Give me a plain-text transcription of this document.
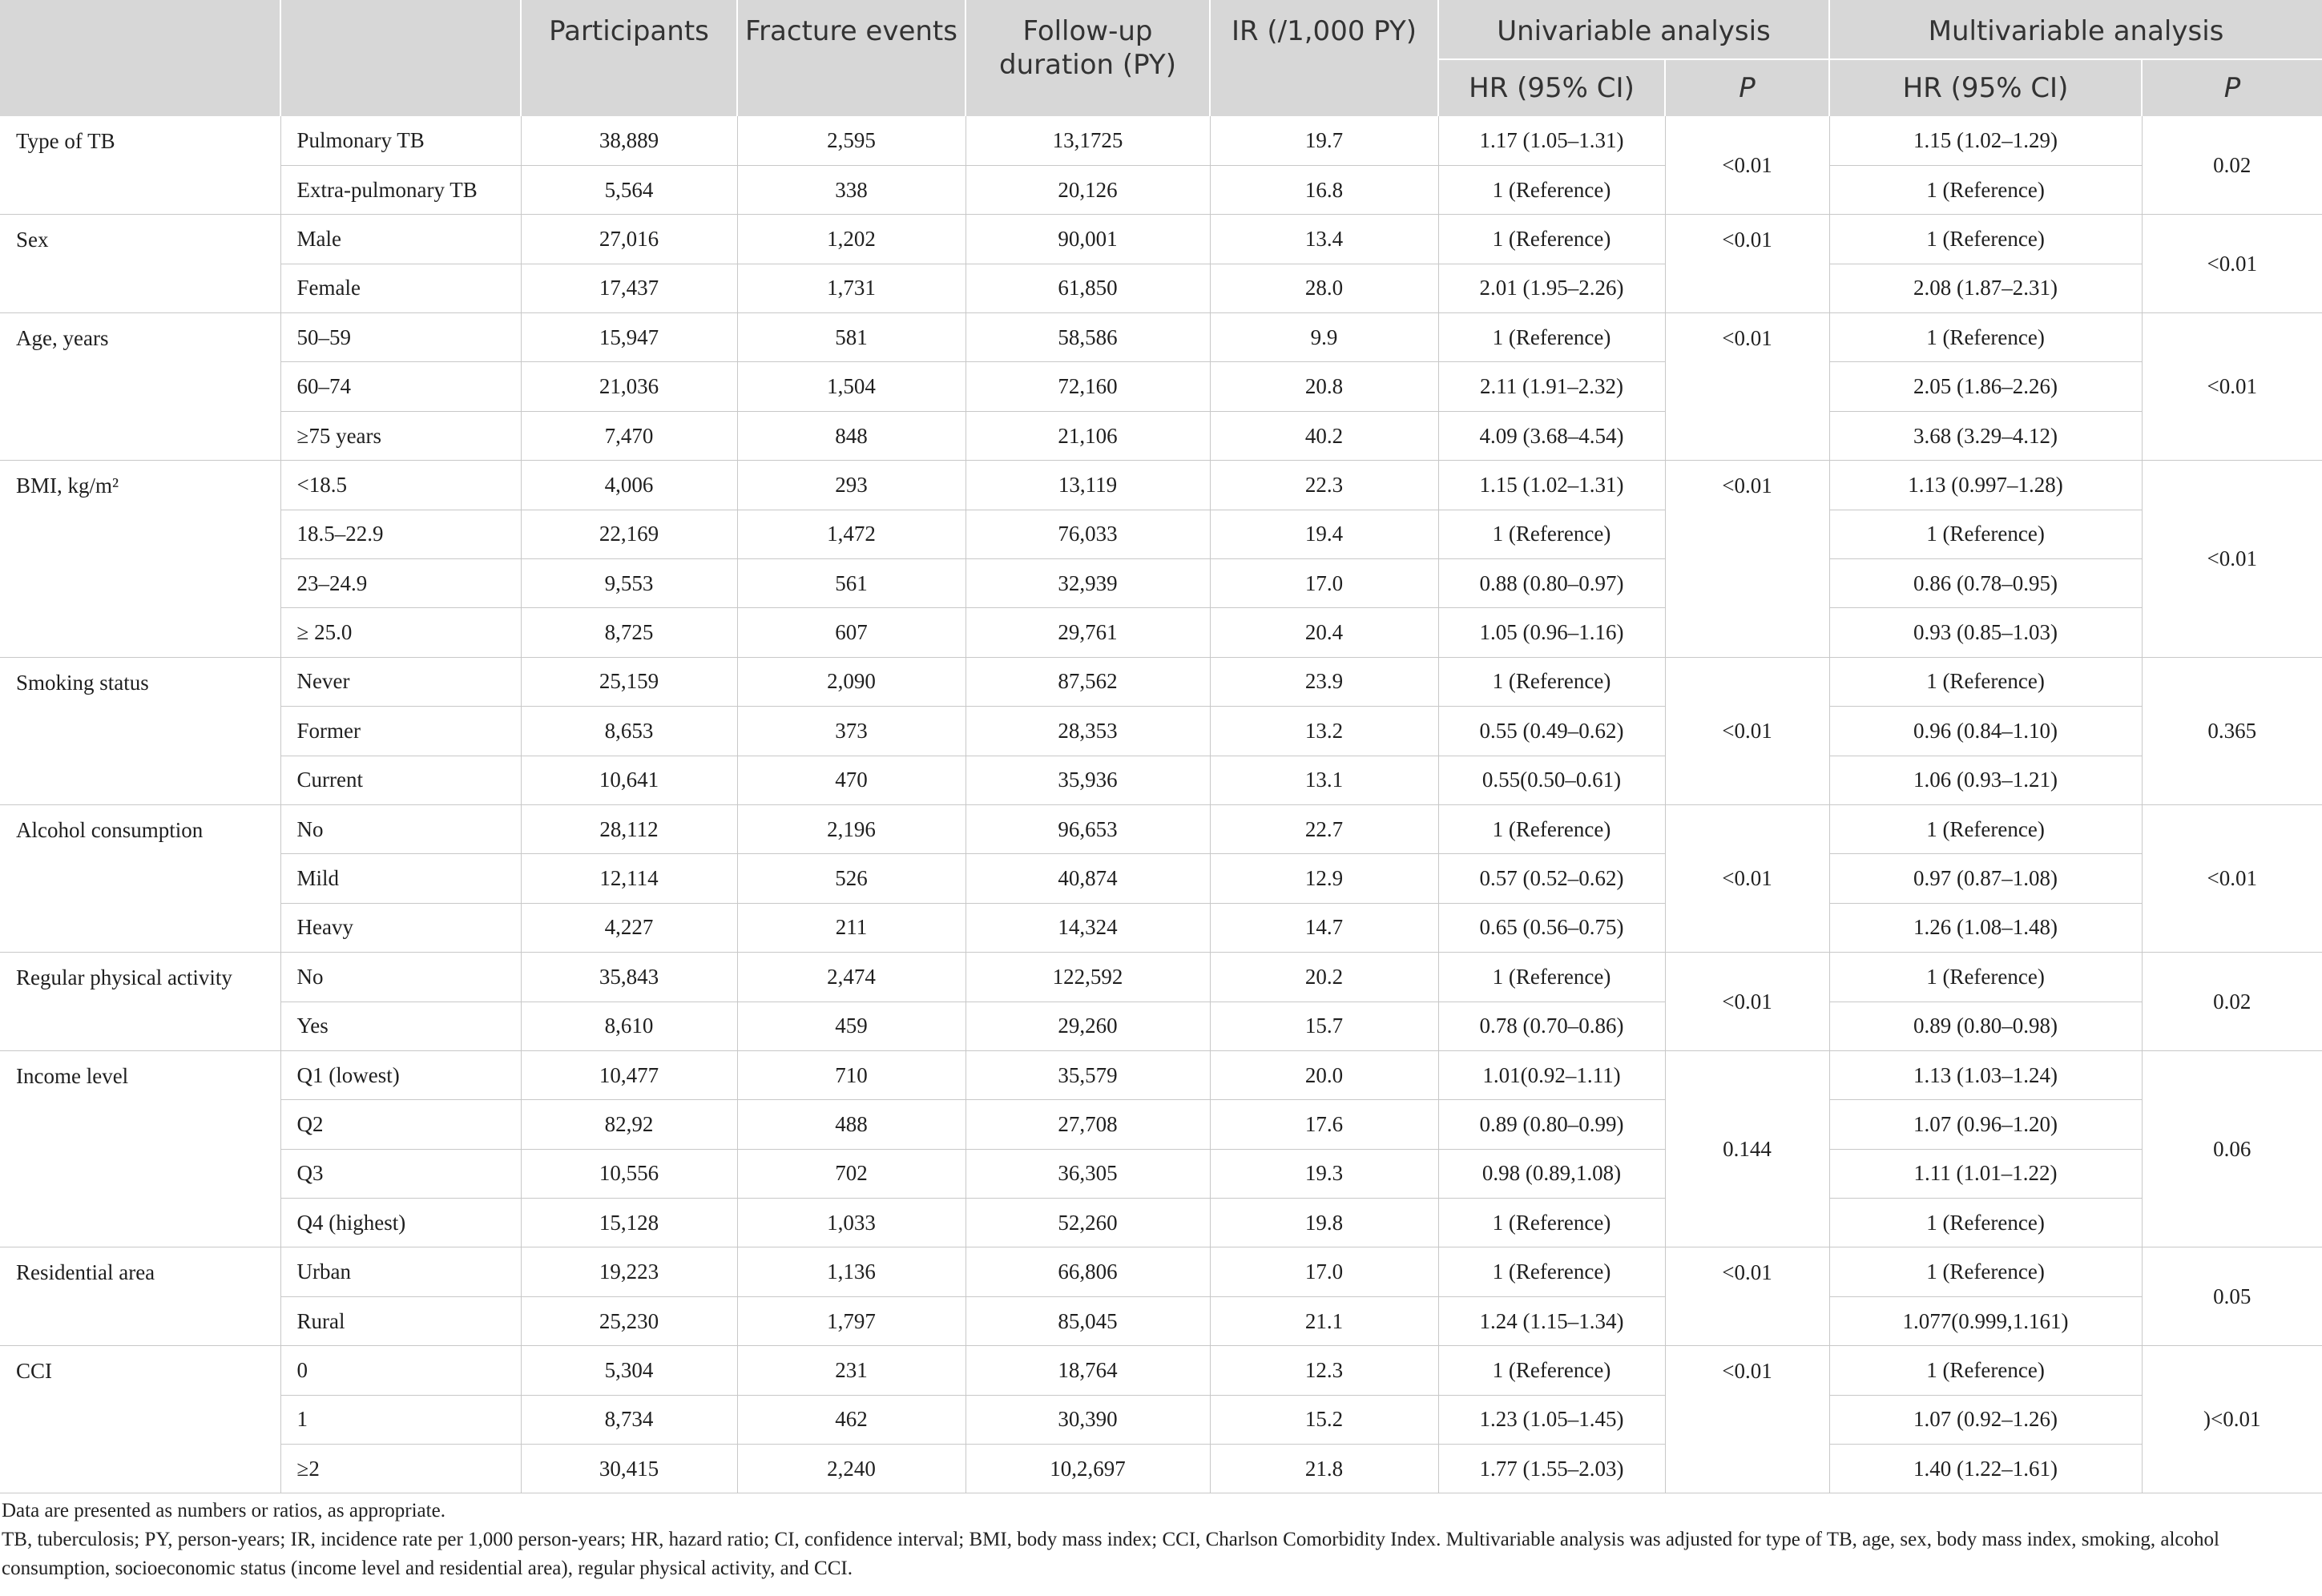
		Participants	Fracture events	Follow-up duration (PY)	IR (/1,000 PY)	Univariable analysis		Multivariable analysis	
						HR (95% CI)	P	HR (95% CI)	P
Type of TB	Pulmonary TB	38,889	2,595	13,1725	19.7	1.17 (1.05–1.31)	<0.01	1.15 (1.02–1.29)	0.02
	Extra-pulmonary TB	5,564	338	20,126	16.8	1 (Reference)		1 (Reference)	
Sex	Male	27,016	1,202	90,001	13.4	1 (Reference)	<0.01	1 (Reference)	<0.01
	Female	17,437	1,731	61,850	28.0	2.01 (1.95–2.26)		2.08 (1.87–2.31)	
Age, years	50–59	15,947	581	58,586	9.9	1 (Reference)	<0.01	1 (Reference)	<0.01
	60–74	21,036	1,504	72,160	20.8	2.11 (1.91–2.32)		2.05 (1.86–2.26)	
	≥75 years	7,470	848	21,106	40.2	4.09 (3.68–4.54)		3.68 (3.29–4.12)	
BMI, kg/m²	<18.5	4,006	293	13,119	22.3	1.15 (1.02–1.31)	<0.01	1.13 (0.997–1.28)	<0.01
	18.5–22.9	22,169	1,472	76,033	19.4	1 (Reference)		1 (Reference)	
	23–24.9	9,553	561	32,939	17.0	0.88 (0.80–0.97)		0.86 (0.78–0.95)	
	≥ 25.0	8,725	607	29,761	20.4	1.05 (0.96–1.16)		0.93 (0.85–1.03)	
Smoking status	Never	25,159	2,090	87,562	23.9	1 (Reference)	<0.01	1 (Reference)	0.365
	Former	8,653	373	28,353	13.2	0.55 (0.49–0.62)		0.96 (0.84–1.10)	
	Current	10,641	470	35,936	13.1	0.55(0.50–0.61)		1.06 (0.93–1.21)	
Alcohol consumption	No	28,112	2,196	96,653	22.7	1 (Reference)	<0.01	1 (Reference)	<0.01
	Mild	12,114	526	40,874	12.9	0.57 (0.52–0.62)		0.97 (0.87–1.08)	
	Heavy	4,227	211	14,324	14.7	0.65 (0.56–0.75)		1.26 (1.08–1.48)	
Regular physical activity	No	35,843	2,474	122,592	20.2	1 (Reference)	<0.01	1 (Reference)	0.02
	Yes	8,610	459	29,260	15.7	0.78 (0.70–0.86)		0.89 (0.80–0.98)	
Income level	Q1 (lowest)	10,477	710	35,579	20.0	1.01(0.92–1.11)	0.144	1.13 (1.03–1.24)	0.06
	Q2	82,92	488	27,708	17.6	0.89 (0.80–0.99)		1.07 (0.96–1.20)	
	Q3	10,556	702	36,305	19.3	0.98 (0.89,1.08)		1.11 (1.01–1.22)	
	Q4 (highest)	15,128	1,033	52,260	19.8	1 (Reference)		1 (Reference)	
Residential area	Urban	19,223	1,136	66,806	17.0	1 (Reference)	<0.01	1 (Reference)	0.05
	Rural	25,230	1,797	85,045	21.1	1.24 (1.15–1.34)		1.077(0.999,1.161)	
CCI	0	5,304	231	18,764	12.3	1 (Reference)	<0.01	1 (Reference)	)<0.01
	1	8,734	462	30,390	15.2	1.23 (1.05–1.45)		1.07 (0.92–1.26)	
	≥2	30,415	2,240	10,2,697	21.8	1.77 (1.55–2.03)		1.40 (1.22–1.61)	

Data are presented as numbers or ratios, as appropriate.

TB, tuberculosis; PY, person-years; IR, incidence rate per 1,000 person-years; HR, hazard ratio; CI, confidence interval; BMI, body mass index; CCI, Charlson Comorbidity Index. Multivariable analysis was adjusted for type of TB, age, sex, body mass index, smoking, alcohol consumption, socioeconomic status (income level and residential area), regular physical activity, and CCI.
